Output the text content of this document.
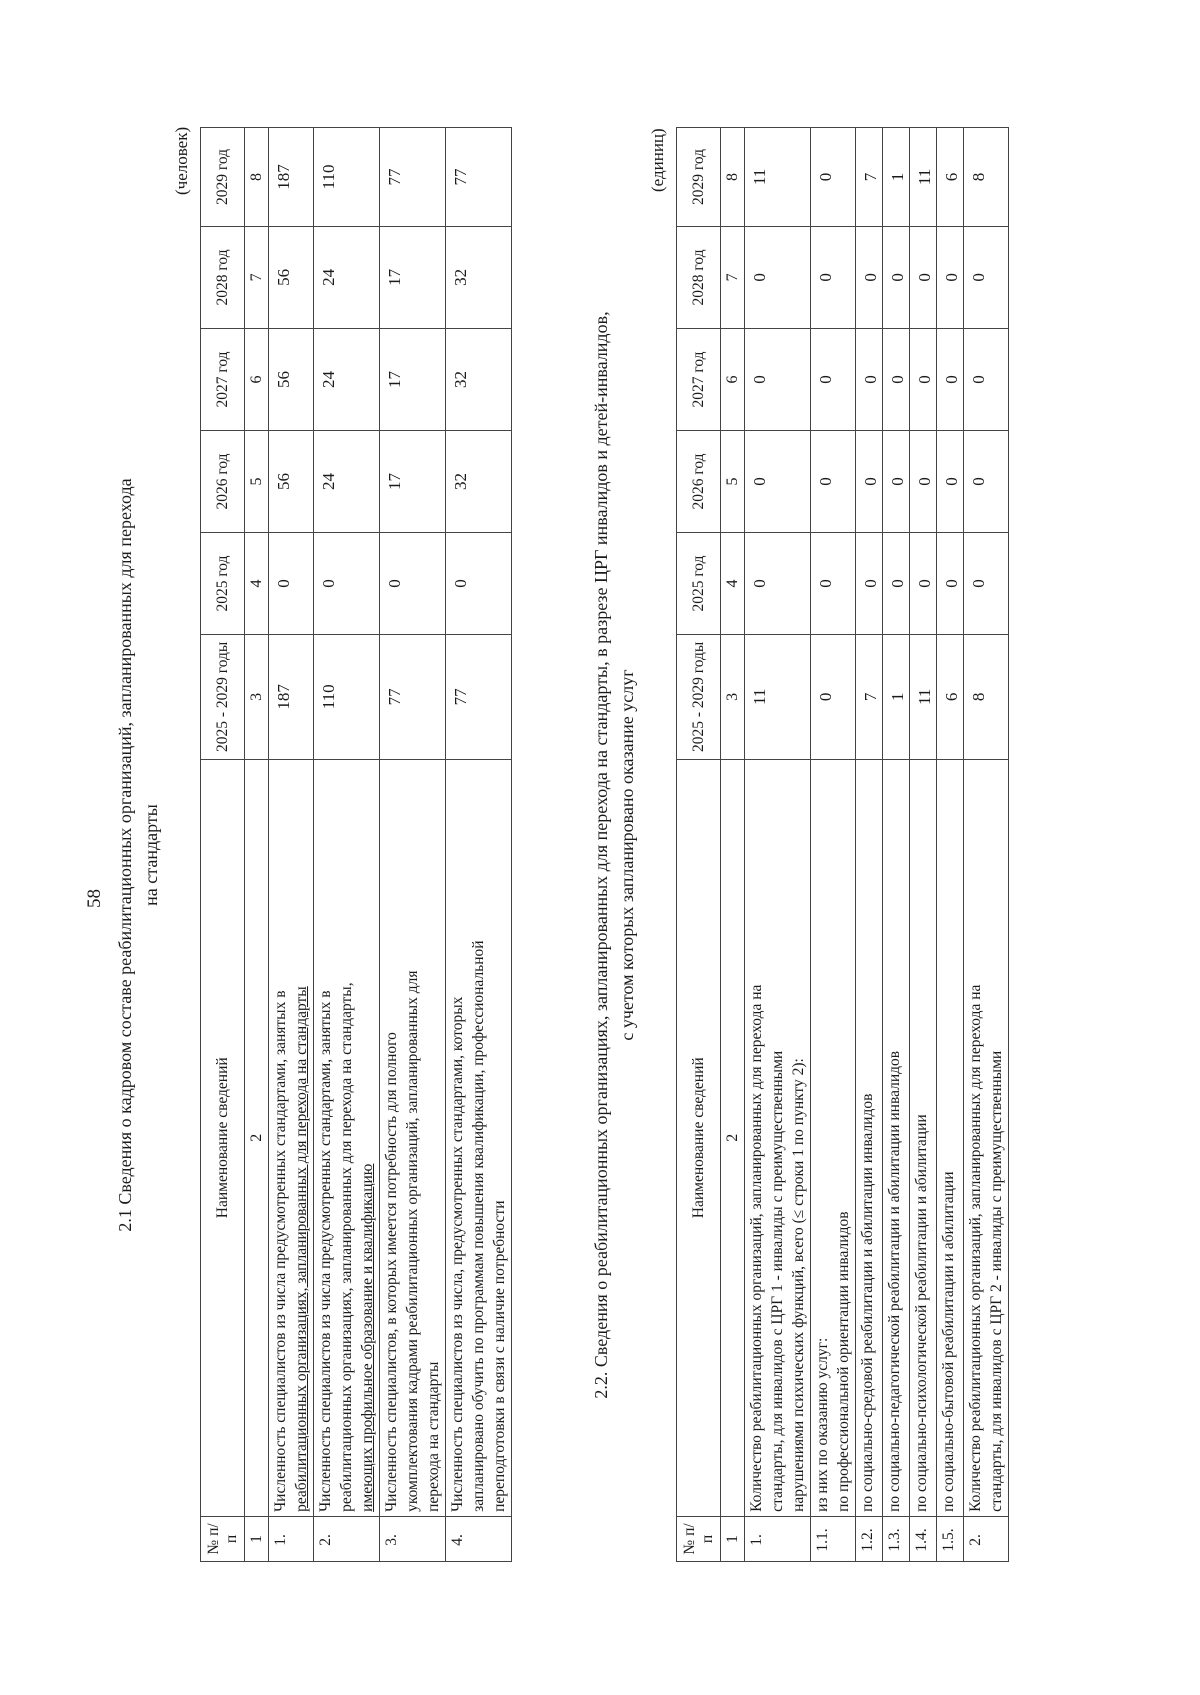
58 2.1 Сведения о кадровом составе реабилитационных организаций, запланированных для перехода на стандарты
(человек)
№ п/п	Наименование сведений	2025 - 2029 годы	2025 год	2026 год	2027 год	2028 год	2029 год
1	2	3	4	5	6	7	8
1.	Численность специалистов из числа предусмотренных стандартами, занятых в реабилитационных организациях, запланированных для перехода на стандарты	187	0	56	56	56	187
2.	Численность специалистов из числа предусмотренных стандартами, занятых в реабилитационных организациях, запланированных для перехода на стандарты, имеющих профильное образование и квалификацию	110	0	24	24	24	110
3.	Численность специалистов, в которых имеется потребность для полного укомплектования кадрами реабилитационных организаций, запланированных для перехода на стандарты	77	0	17	17	17	77
4.	Численность специалистов из числа, предусмотренных стандартами, которых запланировано обучить по программам повышения квалификации, профессиональной переподготовки в связи с наличие потребности	77	0	32	32	32	77
2.2. Сведения о реабилитационных организациях, запланированных для перехода на стандарты, в разрезе ЦРГ инвалидов и детей-инвалидов, с учетом которых запланировано оказание услуг
(единиц)
№ п/п	Наименование сведений	2025 - 2029 годы	2025 год	2026 год	2027 год	2028 год	2029 год
1	2	3	4	5	6	7	8
1.	Количество реабилитационных организаций, запланированных для перехода на стандарты, для инвалидов с ЦРГ 1 - инвалиды с преимущественными нарушениями психических функций, всего (≤ строки 1 по пункту 2):	11	0	0	0	0	11
1.1.	из них по оказанию услуг: по профессиональной ориентации инвалидов	0	0	0	0	0	0
1.2.	по социально-средовой реабилитации и абилитации инвалидов	7	0	0	0	0	7
1.3.	по социально-педагогической реабилитации и абилитации инвалидов	1	0	0	0	0	1
1.4.	по социально-психологической реабилитации и абилитации	11	0	0	0	0	11
1.5.	по социально-бытовой реабилитации и абилитации	6	0	0	0	0	6
2.	Количество реабилитационных организаций, запланированных для перехода на стандарты, для инвалидов с ЦРГ 2 - инвалиды с преимущественными	8	0	0	0	0	8
